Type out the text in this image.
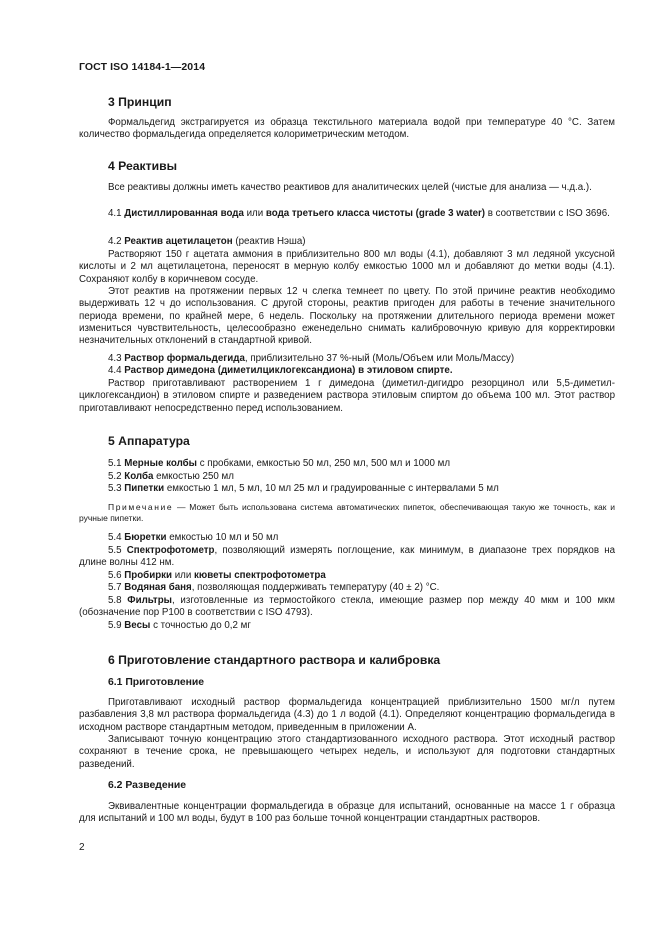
ГОСТ ISO 14184-1—2014
3 Принцип
Формальдегид экстрагируется из образца текстильного материала водой при температуре 40 °С. Затем количество формальдегида определяется колориметрическим методом.
4 Реактивы
Все реактивы должны иметь качество реактивов для аналитических целей (чистые для анализа — ч.д.а.).
4.1 Дистиллированная вода или вода третьего класса чистоты (grade 3 water) в соответствии с ISO 3696.
4.2 Реактив ацетилацетон (реактив Нэша)
Растворяют 150 г ацетата аммония в приблизительно 800 мл воды (4.1), добавляют 3 мл ледяной уксусной кислоты и 2 мл ацетилацетона, переносят в мерную колбу емкостью 1000 мл и добавляют до метки воды (4.1). Сохраняют колбу в коричневом сосуде.
Этот реактив на протяжении первых 12 ч слегка темнеет по цвету. По этой причине реактив необходимо выдерживать 12 ч до использования. С другой стороны, реактив пригоден для работы в течение значительного периода времени, по крайней мере, 6 недель. Поскольку на протяжении длительного периода времени может измениться чувствительность, целесообразно еженедельно снимать калибровочную кривую для корректировки незначительных отклонений в стандартной кривой.
4.3 Раствор формальдегида, приблизительно 37 %-ный (Моль/Объем или Моль/Массу)
4.4 Раствор димедона (диметилциклогександиона) в этиловом спирте.
Раствор приготавливают растворением 1 г димедона (диметил-дигидро резорцинол или 5,5-диметил-циклогександион) в этиловом спирте и разведением раствора этиловым спиртом до объема 100 мл. Этот раствор приготавливают непосредственно перед использованием.
5 Аппаратура
5.1 Мерные колбы с пробками, емкостью 50 мл, 250 мл, 500 мл и 1000 мл
5.2 Колба емкостью 250 мл
5.3 Пипетки емкостью 1 мл, 5 мл, 10 мл 25 мл и градуированные с интервалами 5 мл
Примечание — Может быть использована система автоматических пипеток, обеспечивающая такую же точность, как и ручные пипетки.
5.4 Бюретки емкостью 10 мл и 50 мл
5.5 Спектрофотометр, позволяющий измерять поглощение, как минимум, в диапазоне трех порядков на длине волны 412 нм.
5.6 Пробирки или кюветы спектрофотометра
5.7 Водяная баня, позволяющая поддерживать температуру (40 ± 2) °С.
5.8 Фильтры, изготовленные из термостойкого стекла, имеющие размер пор между 40 мкм и 100 мкм (обозначение пор Р100 в соответствии с ISO 4793).
5.9 Весы с точностью до 0,2 мг
6 Приготовление стандартного раствора и калибровка
6.1 Приготовление
Приготавливают исходный раствор формальдегида концентрацией приблизительно 1500 мг/л путем разбавления 3,8 мл раствора формальдегида (4.3) до 1 л водой (4.1). Определяют концентрацию формальдегида в исходном растворе стандартным методом, приведенным в приложении А.
Записывают точную концентрацию этого стандартизованного исходного раствора. Этот исходный раствор сохраняют в течение срока, не превышающего четырех недель, и используют для подготовки стандартных разведений.
6.2 Разведение
Эквивалентные концентрации формальдегида в образце для испытаний, основанные на массе 1 г образца для испытаний и 100 мл воды, будут в 100 раз больше точной концентрации стандартных растворов.
2
